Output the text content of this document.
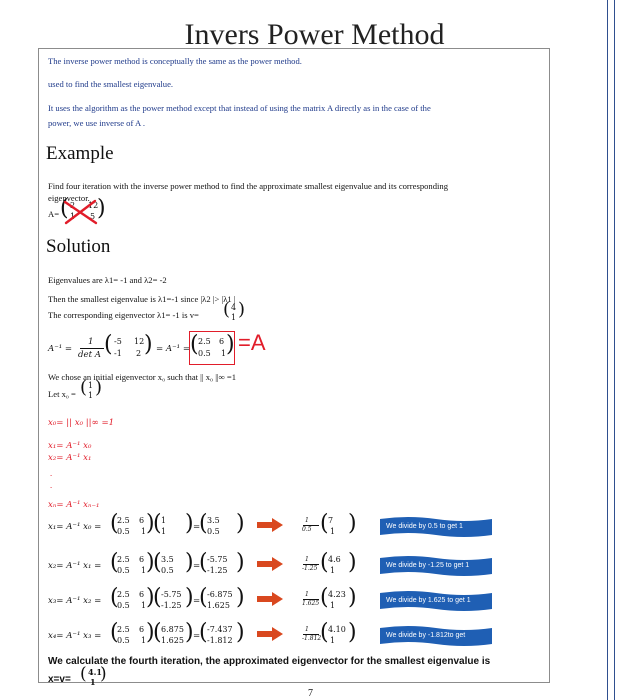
Invers Power Method
The inverse power method is conceptually the same as the power method.
used to find the smallest eigenvalue.
It uses the algorithm as the power method except that instead of using the matrix A directly as in the case of the
power, we use inverse of A .
Example
Find four iteration with the inverse power method to find the approximate smallest eigenvalue and its corresponding
eigenvector.
A= ( 2 12
1 5 )
Solution
Eigenvalues are λ1= -1 and λ2= -2
Then the smallest eigenvalue is λ1=-1 since |λ2 |> |λ1 |
The corresponding eigenvector λ1= -1 is v= ( 4
1 )
A⁻¹ =
1
det A ( -5 12
-1 2 ) = A⁻¹ = ( 2.5 6
0.5 1 ) =A
We chose an initial eigenvector x₀ such that || x₀ ||∞ =1
Let x₀ = ( 1
1 )
x₀= || x₀ ||∞ =1
x₁= A⁻¹ x₀
x₂= A⁻¹ x₁
.
.
xₙ= A⁻¹ xₙ₋₁
x₁= A⁻¹ x₀ = (
2.5 6
0.5 1 )
( 1
1 ) =
( 3.5
0.5 )	1
0.5 ( 7
1 )	We divide by 0.5 to get 1
x₂= A⁻¹ x₁ = (
2.5 6
0.5 1 )
( 3.5
0.5 ) =
( -5.75
-1.25 )	1
-1.25 ( 4.6
1 )	We divide by -1.25 to get 1
x₃= A⁻¹ x₂ = (
2.5 6
0.5 1 )
( -5.75
-1.25 ) =
( -6.875
1.625 )	1
1.625 ( 4.23
1 )	We divide by 1.625 to get 1
x₄= A⁻¹ x₃ = (
2.5 6
0.5 1 )
( 6.875
1.625 ) =
( -7.437
-1.812 )	1
-1.812
( 4.10
1 )	We divide by -1.812to get
We calculate the fourth iteration, the approximated eigenvector for the smallest eigenvalue is
x=v= ( 4.1
1 )
7
